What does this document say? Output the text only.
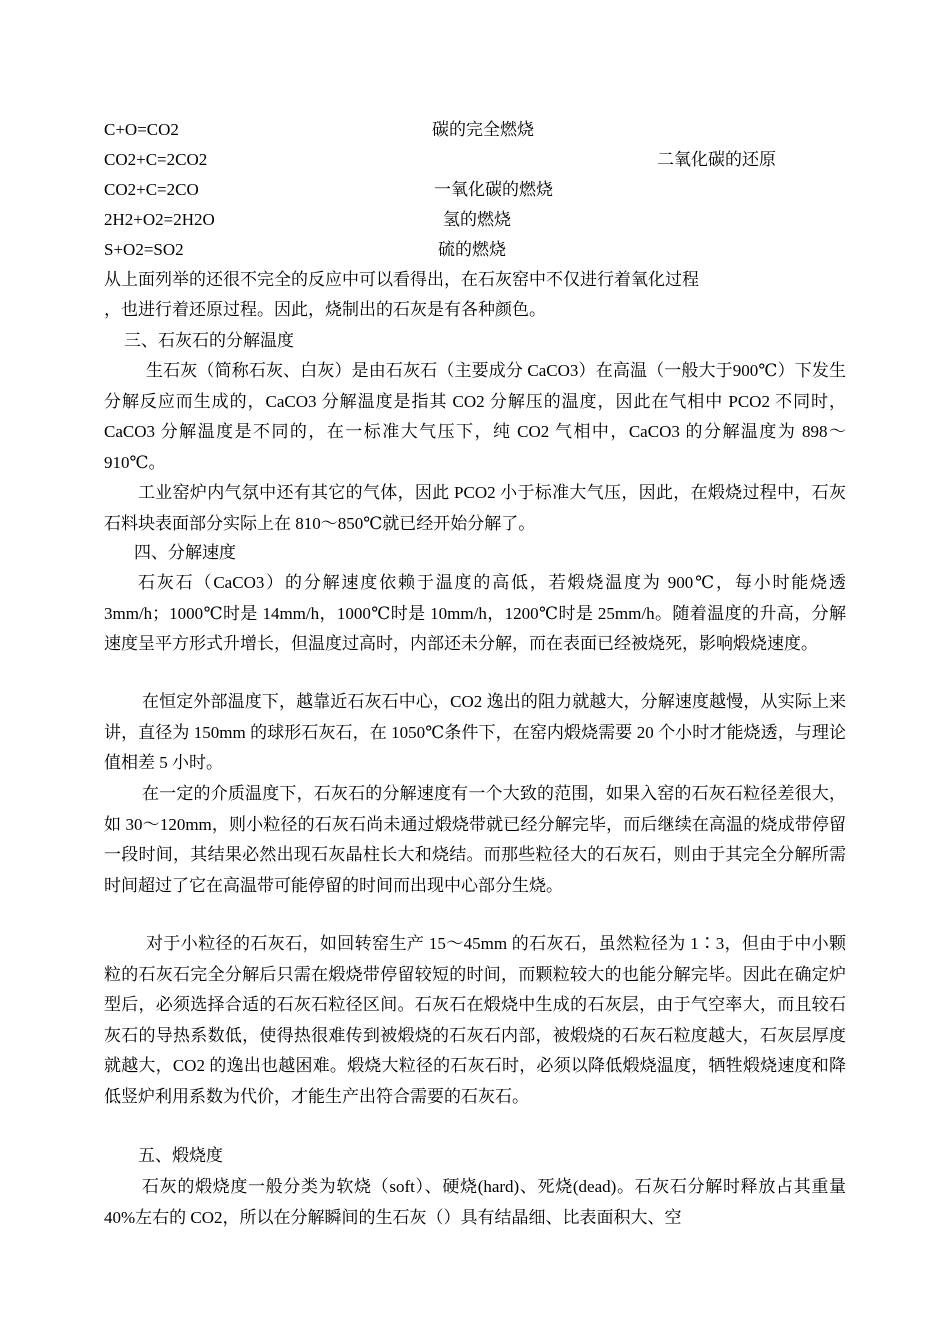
C+O=CO2	碳的完全燃烧
CO2+C=2CO2	二氧化碳的还原
CO2+C=2CO	一氧化碳的燃烧
2H2+O2=2H2O	氢的燃烧
S+O2=SO2	硫的燃烧
从上面列举的还很不完全的反应中可以看得出，在石灰窑中不仅进行着氧化过程
，也进行着还原过程。因此，烧制出的石灰是有各种颜色。
三、石灰石的分解温度
生石灰（简称石灰、白灰）是由石灰石（主要成分 CaCO3）在高温（一般大于900℃）下发生分解反应而生成的，CaCO3 分解温度是指其 CO2 分解压的温度，因此在气相中 PCO2 不同时，CaCO3 分解温度是不同的，在一标准大气压下，纯 CO2 气相中，CaCO3 的分解温度为 898～910℃。
工业窑炉内气氛中还有其它的气体，因此 PCO2 小于标准大气压，因此，在煅烧过程中，石灰石料块表面部分实际上在 810～850℃就已经开始分解了。
四、分解速度
石灰石（CaCO3）的分解速度依赖于温度的高低，若煅烧温度为 900℃，每小时能烧透 3mm/h；1000℃时是 14mm/h，1000℃时是 10mm/h，1200℃时是 25mm/h。随着温度的升高，分解速度呈平方形式升增长，但温度过高时，内部还未分解，而在表面已经被烧死，影响煅烧速度。
在恒定外部温度下，越靠近石灰石中心，CO2 逸出的阻力就越大，分解速度越慢，从实际上来讲，直径为 150mm 的球形石灰石，在 1050℃条件下，在窑内煅烧需要 20 个小时才能烧透，与理论值相差 5 小时。
在一定的介质温度下，石灰石的分解速度有一个大致的范围，如果入窑的石灰石粒径差很大，如 30～120mm，则小粒径的石灰石尚未通过煅烧带就已经分解完毕，而后继续在高温的烧成带停留一段时间，其结果必然出现石灰晶柱长大和烧结。而那些粒径大的石灰石，则由于其完全分解所需时间超过了它在高温带可能停留的时间而出现中心部分生烧。
对于小粒径的石灰石，如回转窑生产 15～45mm 的石灰石，虽然粒径为 1∶3，但由于中小颗粒的石灰石完全分解后只需在煅烧带停留较短的时间，而颗粒较大的也能分解完毕。因此在确定炉型后，必须选择合适的石灰石粒径区间。石灰石在煅烧中生成的石灰层，由于气空率大，而且较石灰石的导热系数低，使得热很难传到被煅烧的石灰石内部，被煅烧的石灰石粒度越大，石灰层厚度就越大，CO2 的逸出也越困难。煅烧大粒径的石灰石时，必须以降低煅烧温度，牺牲煅烧速度和降低竖炉利用系数为代价，才能生产出符合需要的石灰石。
五、煅烧度
石灰的煅烧度一般分类为软烧（soft）、硬烧(hard)、死烧(dead)。石灰石分解时释放占其重量 40%左右的 CO2，所以在分解瞬间的生石灰（）具有结晶细、比表面积大、空
